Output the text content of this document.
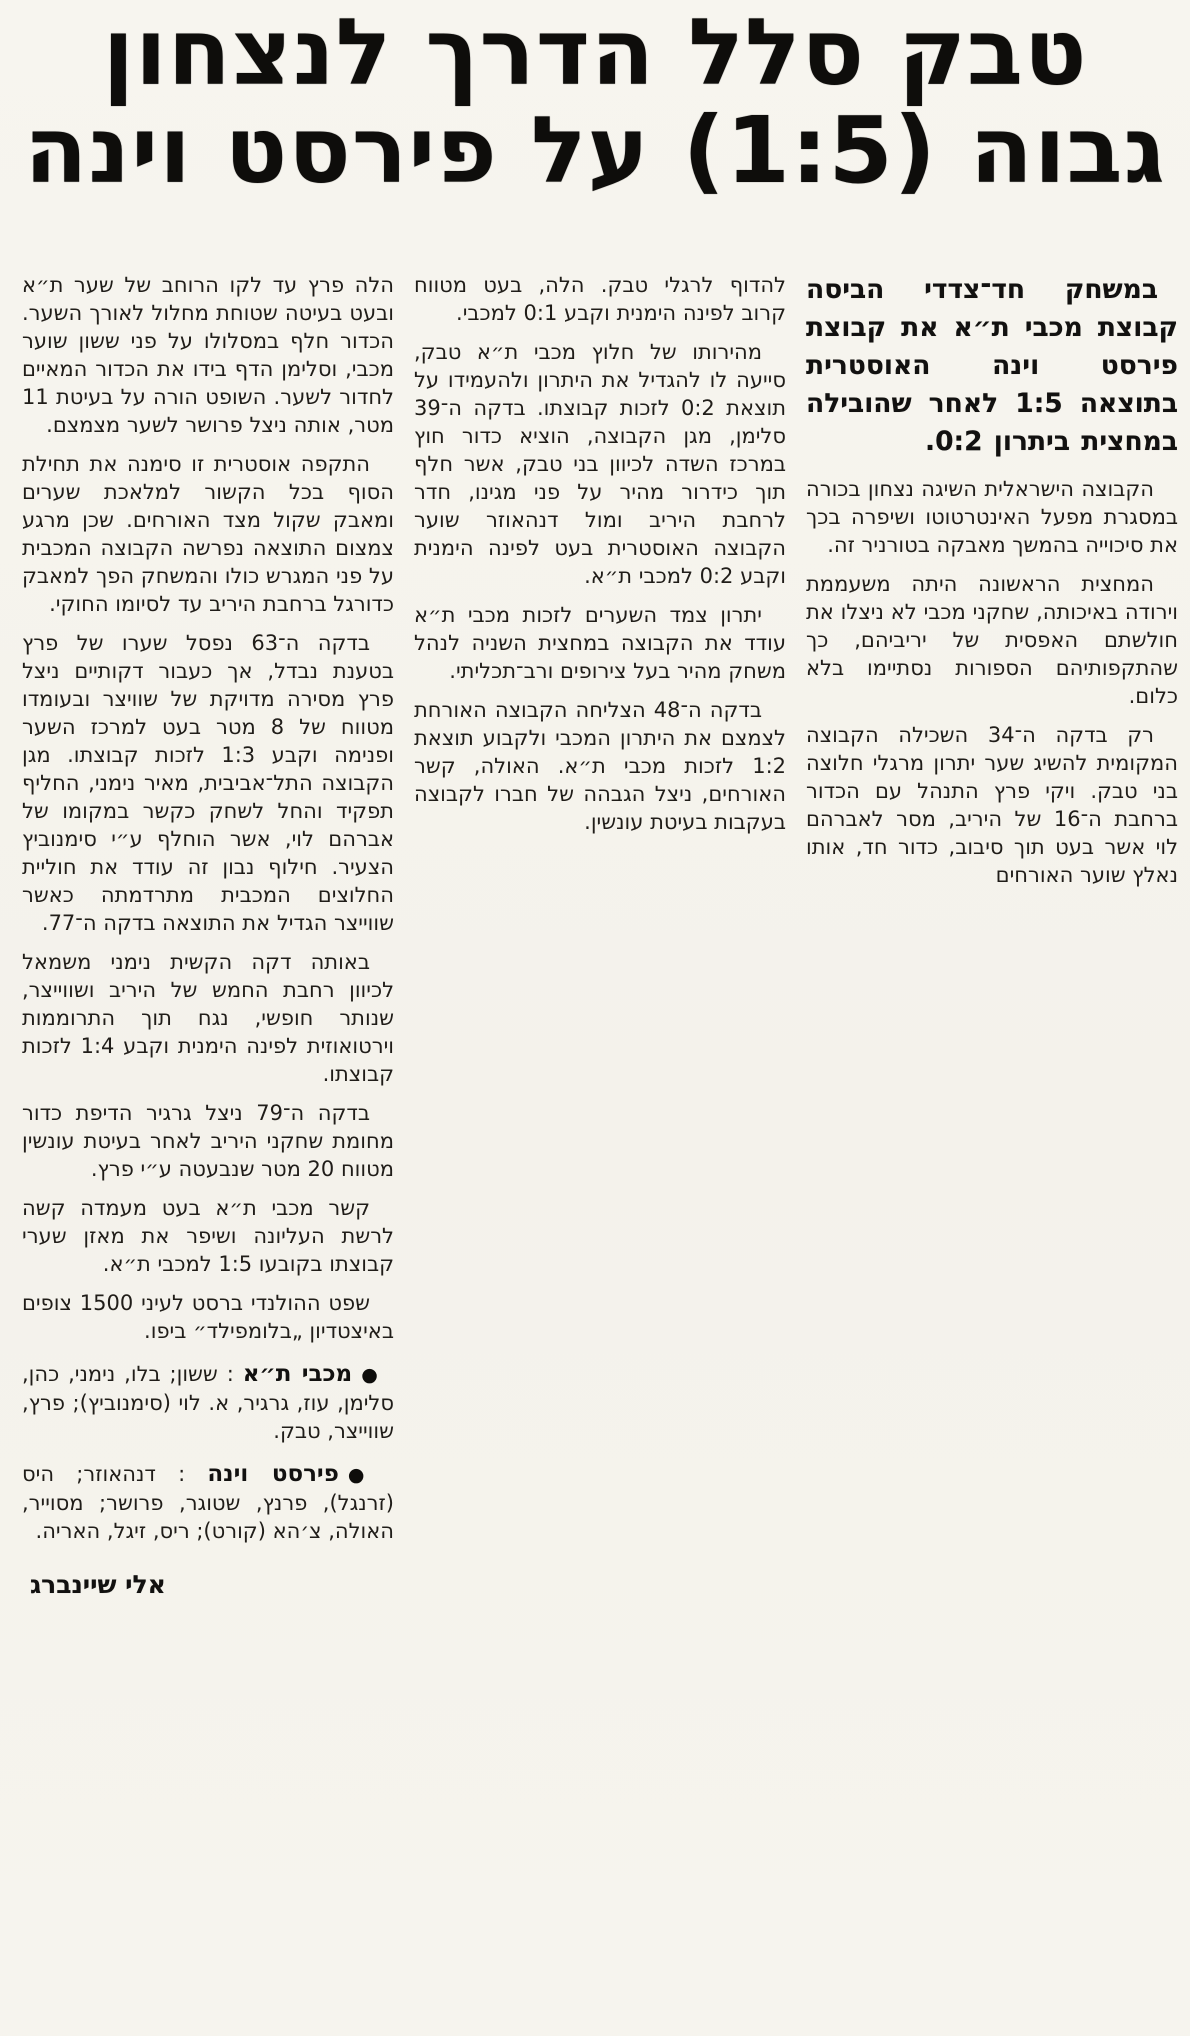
טבק סלל הדרך לנצחון
גבוה (1:5) על פירסט וינה

במשחק חד־צדדי הביסה קבוצת מכבי ת״א את קבוצת פירסט וינה האוסטרית בתוצאה 1:5 לאחר שהובילה במחצית ביתרון 0:2.

הקבוצה הישראלית השיגה נצחון בכורה במסגרת מפעל האינטרטוטו ושיפרה בכך את סיכוייה בהמשך מאבקה בטורניר זה.

המחצית הראשונה היתה משעממת וירודה באיכותה, שחקני מכבי לא ניצלו את חולשתם האפסית של יריביהם, כך שהתקפותיהם הספורות נסתיימו בלא כלום.

רק בדקה ה־34 השכילה הקבוצה המקומית להשיג שער יתרון מרגלי חלוצה בני טבק. ויקי פרץ התנהל עם הכדור ברחבת ה־16 של היריב, מסר לאברהם לוי אשר בעט תוך סיבוב, כדור חד, אותו נאלץ שוער האורחים

להדוף לרגלי טבק. הלה, בעט מטווח קרוב לפינה הימנית וקבע 0:1 למכבי.

מהירותו של חלוץ מכבי ת״א טבק, סייעה לו להגדיל את היתרון ולהעמידו על תוצאת 0:2 לזכות קבוצתו. בדקה ה־39 סלימן, מגן הקבוצה, הוציא כדור חוץ במרכז השדה לכיוון בני טבק, אשר חלף תוך כידרור מהיר על פני מגינו, חדר לרחבת היריב ומול דנהאוזר שוער הקבוצה האוסטרית בעט לפינה הימנית וקבע 0:2 למכבי ת״א.

יתרון צמד השערים לזכות מכבי ת״א עודד את הקבוצה במחצית השניה לנהל משחק מהיר בעל צירופים ורב־תכליתי.

בדקה ה־48 הצליחה הקבוצה האורחת לצמצם את היתרון המכבי ולקבוע תוצאת 1:2 לזכות מכבי ת״א. האולה, קשר האורחים, ניצל הגבהה של חברו לקבוצה בעקבות בעיטת עונשין.

הלה פרץ עד לקו הרוחב של שער ת״א ובעט בעיטה שטוחת מחלול לאורך השער. הכדור חלף במסלולו על פני ששון שוער מכבי, וסלימן הדף בידו את הכדור המאיים לחדור לשער. השופט הורה על בעיטת 11 מטר, אותה ניצל פרושר לשער מצמצם.

התקפה אוסטרית זו סימנה את תחילת הסוף בכל הקשור למלאכת שערים ומאבק שקול מצד האורחים. שכן מרגע צמצום התוצאה נפרשה הקבוצה המכבית על פני המגרש כולו והמשחק הפך למאבק כדורגל ברחבת היריב עד לסיומו החוקי.

בדקה ה־63 נפסל שערו של פרץ בטענת נבדל, אך כעבור דקותיים ניצל פרץ מסירה מדויקת של שוויצר ובעומדו מטווח של 8 מטר בעט למרכז השער ופנימה וקבע 1:3 לזכות קבוצתו. מגן הקבוצה התל־אביבית, מאיר נימני, החליף תפקיד והחל לשחק כקשר במקומו של אברהם לוי, אשר הוחלף ע״י סימנוביץ הצעיר. חילוף נבון זה עודד את חוליית החלוצים המכבית מתרדמתה כאשר שווייצר הגדיל את התוצאה בדקה ה־77.

באותה דקה הקשית נימני משמאל לכיוון רחבת החמש של היריב ושווייצר, שנותר חופשי, נגח תוך התרוממות וירטואוזית לפינה הימנית וקבע 1:4 לזכות קבוצתו.

בדקה ה־79 ניצל גרגיר הדיפת כדור מחומת שחקני היריב לאחר בעיטת עונשין מטווח 20 מטר שנבעטה ע״י פרץ.

קשר מכבי ת״א בעט מעמדה קשה לרשת העליונה ושיפר את מאזן שערי קבוצתו בקובעו 1:5 למכבי ת״א.

שפט ההולנדי ברסט לעיני 1500 צופים באיצטדיון „בלומפילד״ ביפו.

●מכבי ת״א : ששון; בלו, נימני, כהן, סלימן, עוז, גרגיר, א. לוי (סימנוביץ); פרץ, שווייצר, טבק.

●פירסט וינה : דנהאוזר; היס (זרנגל), פרנץ, שטוגר, פרושר; מסוייר, האולה, צ׳הא (קורט); ריס, זיגל, האריה.

אלי שיינברג
